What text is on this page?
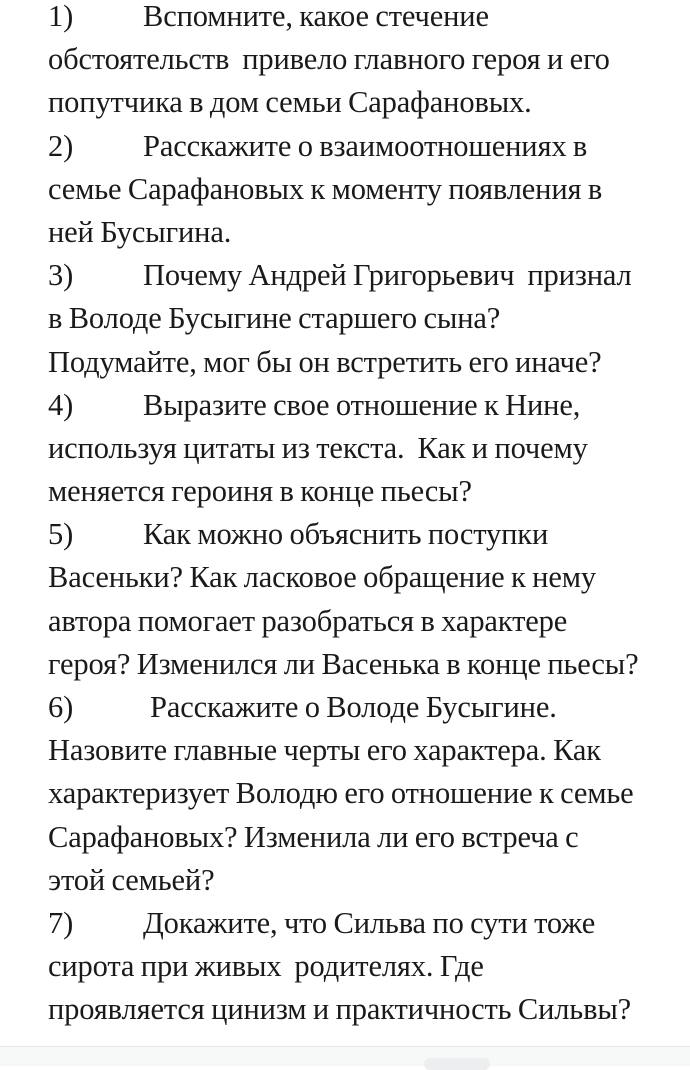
1) Вспомните, какое стечение
обстоятельств  привело главного героя и его
попутчика в дом семьи Сарафановых.
2) Расскажите о взаимоотношениях в
семье Сарафановых к моменту появления в
ней Бусыгина.
3) Почему Андрей Григорьевич  признал
в Володе Бусыгине старшего сына?
Подумайте, мог бы он встретить его иначе?
4) Выразите свое отношение к Нине,
используя цитаты из текста.  Как и почему
меняется героиня в конце пьесы?
5) Как можно объяснить поступки
Васеньки? Как ласковое обращение к нему
автора помогает разобраться в характере
героя? Изменился ли Васенька в конце пьесы?
6)	Расскажите о Володе Бусыгине.
Назовите главные черты его характера. Как
характеризует Володю его отношение к семье
Сарафановых? Изменила ли его встреча с
этой семьей?
7) Докажите, что Сильва по сути тоже
сирота при живых  родителях. Где
проявляется цинизм и практичность Сильвы?
